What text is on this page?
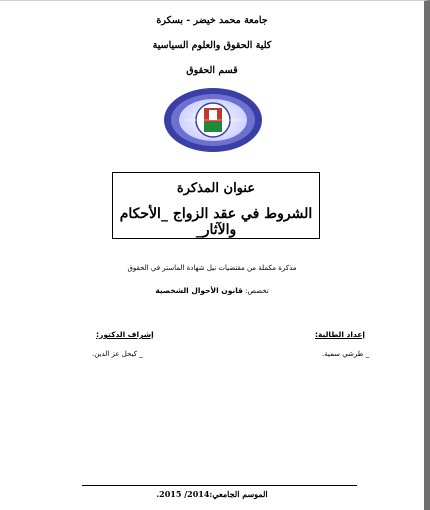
جامعة محمد خيضر - بسكرة
كلية الحقوق والعلوم السياسية
قسم الحقوق
عنوان المذكرة
الشروط في عقد الزواج _الأحكام والآثار_
مذكرة مكملة من مقتضيات نيل شهادة الماستر في الحقوق
تخصص: قانون الأحوال الشخصية
إعداد الطالبة:
_ طرشي سمية.
إشراف الدكتور:
_ كيحل عز الدين.
الموسم الجامعي:2014/ 2015.
